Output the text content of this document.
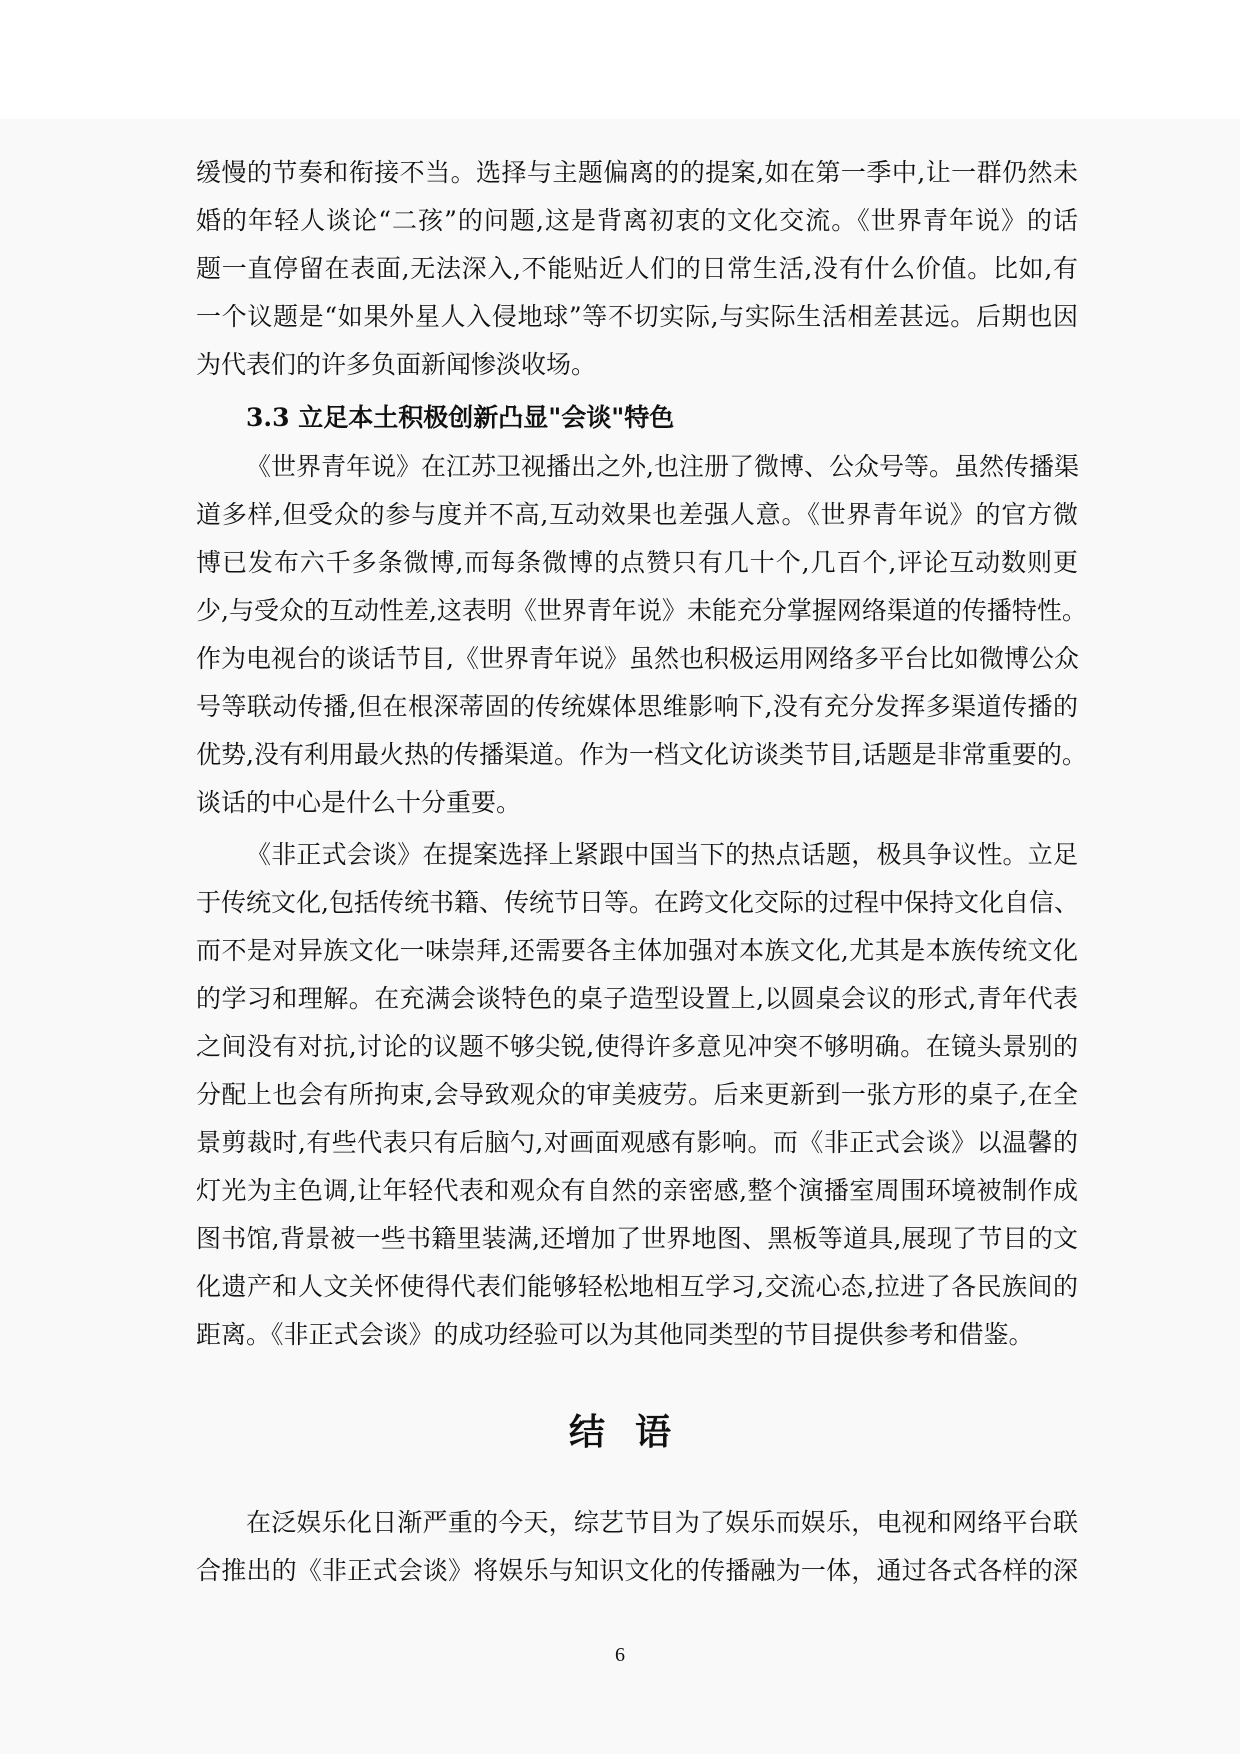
缓慢的节奏和衔接不当。选择与主题偏离的的提案,如在第一季中,让一群仍然未
婚的年轻人谈论“二孩”的问题,这是背离初衷的文化交流。《世界青年说》的话
题一直停留在表面,无法深入,不能贴近人们的日常生活,没有什么价值。比如,有
一个议题是“如果外星人入侵地球”等不切实际,与实际生活相差甚远。后期也因
为代表们的许多负面新闻惨淡收场。
3.3 立足本土积极创新凸显"会谈"特色
《世界青年说》在江苏卫视播出之外,也注册了微博、公众号等。虽然传播渠
道多样,但受众的参与度并不高,互动效果也差强人意。《世界青年说》的官方微
博已发布六千多条微博,而每条微博的点赞只有几十个,几百个,评论互动数则更
少,与受众的互动性差,这表明《世界青年说》未能充分掌握网络渠道的传播特性。
作为电视台的谈话节目,《世界青年说》虽然也积极运用网络多平台比如微博公众
号等联动传播,但在根深蒂固的传统媒体思维影响下,没有充分发挥多渠道传播的
优势,没有利用最火热的传播渠道。作为一档文化访谈类节目,话题是非常重要的。
谈话的中心是什么十分重要。
《非正式会谈》在提案选择上紧跟中国当下的热点话题，极具争议性。立足
于传统文化,包括传统书籍、传统节日等。在跨文化交际的过程中保持文化自信、
而不是对异族文化一味崇拜,还需要各主体加强对本族文化,尤其是本族传统文化
的学习和理解。在充满会谈特色的桌子造型设置上,以圆桌会议的形式,青年代表
之间没有对抗,讨论的议题不够尖锐,使得许多意见冲突不够明确。在镜头景别的
分配上也会有所拘束,会导致观众的审美疲劳。后来更新到一张方形的桌子,在全
景剪裁时,有些代表只有后脑勺,对画面观感有影响。而《非正式会谈》以温馨的
灯光为主色调,让年轻代表和观众有自然的亲密感,整个演播室周围环境被制作成
图书馆,背景被一些书籍里装满,还增加了世界地图、黑板等道具,展现了节目的文
化遗产和人文关怀使得代表们能够轻松地相互学习,交流心态,拉进了各民族间的
距离。《非正式会谈》的成功经验可以为其他同类型的节目提供参考和借鉴。
结语
在泛娱乐化日渐严重的今天，综艺节目为了娱乐而娱乐，电视和网络平台联
合推出的《非正式会谈》将娱乐与知识文化的传播融为一体，通过各式各样的深
6
